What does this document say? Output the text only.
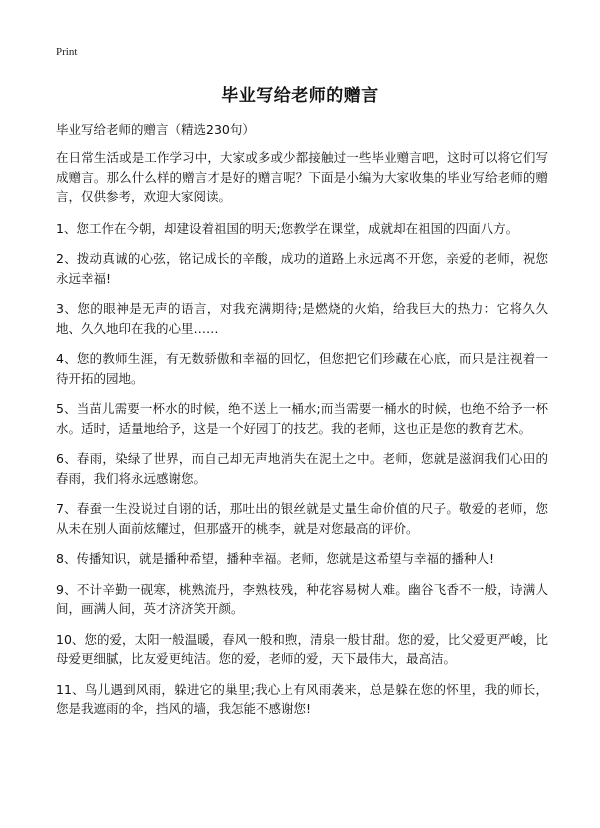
Print
毕业写给老师的赠言

毕业写给老师的赠言（精选230句）

在日常生活或是工作学习中，大家或多或少都接触过一些毕业赠言吧，这时可以将它们写成赠言。那么什么样的赠言才是好的赠言呢？下面是小编为大家收集的毕业写给老师的赠言，仅供参考，欢迎大家阅读。

1、您工作在今朝，却建设着祖国的明天;您教学在课堂，成就却在祖国的四面八方。

2、拨动真诚的心弦，铭记成长的辛酸，成功的道路上永远离不开您，亲爱的老师，祝您永远幸福!

3、您的眼神是无声的语言，对我充满期待;是燃烧的火焰，给我巨大的热力：它将久久地、久久地印在我的心里……

4、您的教师生涯，有无数骄傲和幸福的回忆，但您把它们珍藏在心底，而只是注视着一待开拓的园地。

5、当苗儿需要一杯水的时候，绝不送上一桶水;而当需要一桶水的时候，也绝不给予一杯水。适时，适量地给予，这是一个好园丁的技艺。我的老师，这也正是您的教育艺术。

6、春雨，染绿了世界，而自己却无声地消失在泥土之中。老师，您就是滋润我们心田的春雨，我们将永远感谢您。

7、春蚕一生没说过自诩的话，那吐出的银丝就是丈量生命价值的尺子。敬爱的老师，您从未在别人面前炫耀过，但那盛开的桃李，就是对您最高的评价。

8、传播知识，就是播种希望，播种幸福。老师，您就是这希望与幸福的播种人!

9、不计辛勤一砚寒，桃熟流丹，李熟枝残，种花容易树人难。幽谷飞香不一般，诗满人间，画满人间，英才济济笑开颜。

10、您的爱，太阳一般温暖，春风一般和煦，清泉一般甘甜。您的爱，比父爱更严峻，比母爱更细腻，比友爱更纯洁。您的爱，老师的爱，天下最伟大，最高洁。

11、鸟儿遇到风雨，躲进它的巢里;我心上有风雨袭来，总是躲在您的怀里，我的师长，您是我遮雨的伞，挡风的墙，我怎能不感谢您!
